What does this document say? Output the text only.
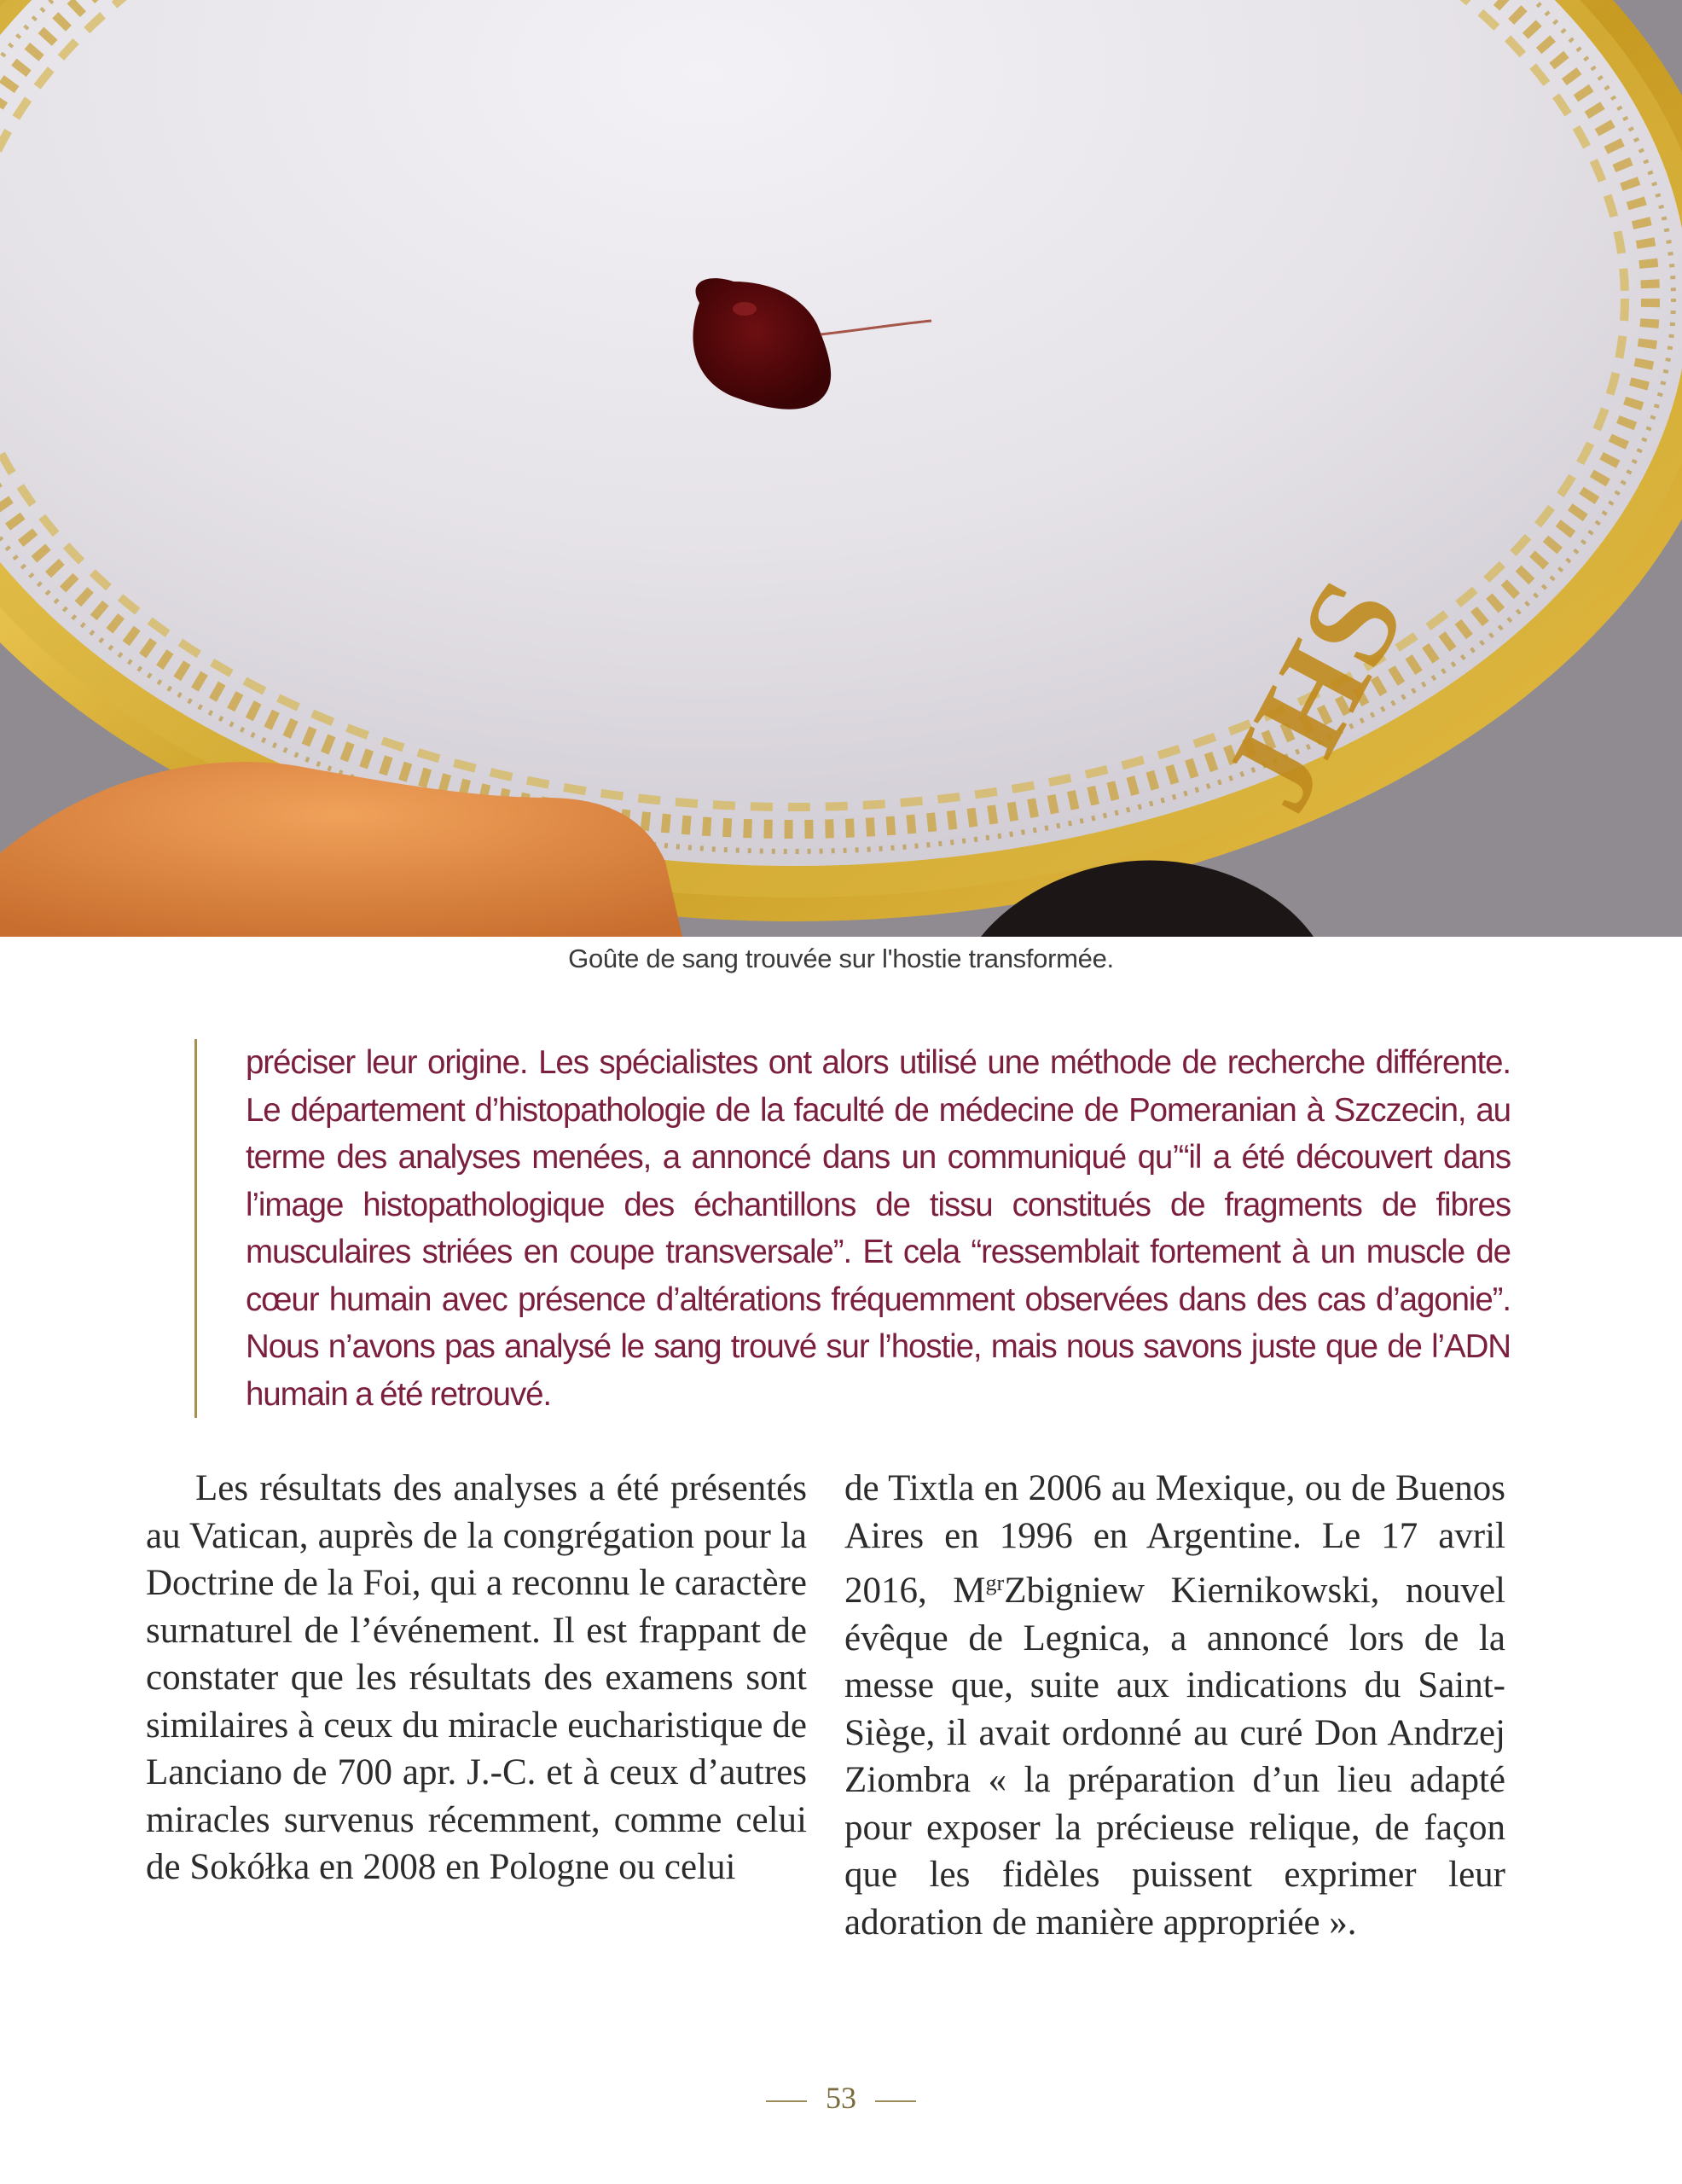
JHS
Goûte de sang trouvée sur l'hostie transformée.

préciser leur origine. Les spécialistes ont alors utilisé une méthode de recherche différente. Le département d’histopathologie de la faculté de médecine de Pomeranian à Szczecin, au terme des analyses menées, a annoncé dans un communiqué qu’“il a été découvert dans l’image histopathologique des échantillons de tissu constitués de fragments de fibres musculaires striées en coupe transversale”. Et cela “ressemblait fortement à un muscle de cœur humain avec présence d’altérations fréquemment observées dans des cas d’agonie”. Nous n’avons pas analysé le sang trouvé sur l’hostie, mais nous savons juste que de l’ADN humain a été retrouvé.

Les résultats des analyses a été présentés au Vatican, auprès de la congrégation pour la Doctrine de la Foi, qui a reconnu le caractère surnaturel de l’événement. Il est frappant de constater que les résultats des examens sont similaires à ceux du miracle eucharistique de Lanciano de 700 apr. J.-C. et à ceux d’autres miracles survenus récemment, comme celui de Sokółka en 2008 en Pologne ou celui

de Tixtla en 2006 au Mexique, ou de Buenos Aires en 1996 en Argentine. Le 17 avril 2016, $M^{gr}Zbigniew$ Kiernikowski, nouvel évêque de Legnica, a annoncé lors de la messe que, suite aux indications du Saint-Siège, il avait ordonné au curé Don Andrzej Ziombra « la préparation d’un lieu adapté pour exposer la précieuse relique, de façon que les fidèles puissent exprimer leur adoration de manière appropriée ».

53
